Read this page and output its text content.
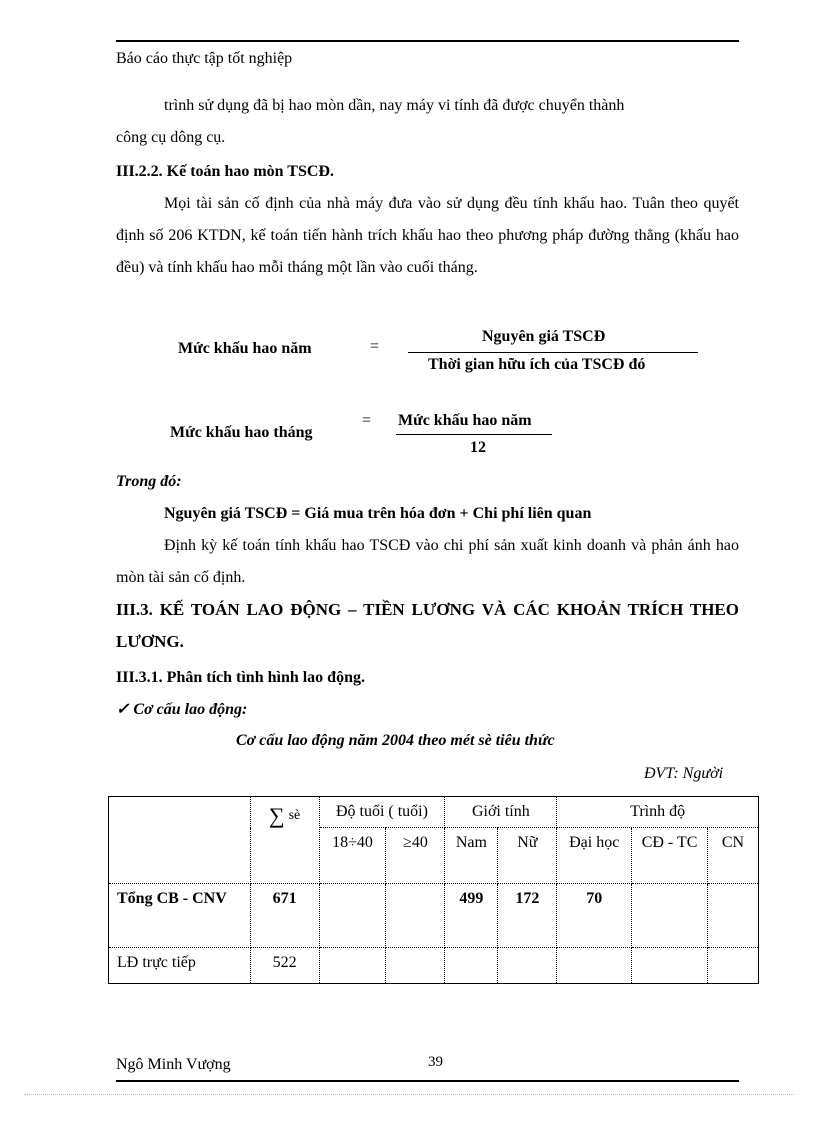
Báo cáo thực tập tốt nghiệp
trình sử dụng đã bị hao mòn dần, nay máy vi tính đã được chuyển thành
công cụ dông cụ.
III.2.2. Kế toán hao mòn TSCĐ.
Mọi tài sản cố định của nhà máy đưa vào sử dụng đều tính khấu hao. Tuân theo quyết định số 206 KTDN, kế toán tiến hành trích khấu hao theo phương pháp đường thẳng (khấu hao đều) và tính khấu hao mỗi tháng một lần vào cuối tháng.
Mức khấu hao năm	=
Nguyên giá TSCĐ
Thời gian hữu ích của TSCĐ đó
Mức khấu hao tháng
= Mức khấu hao năm
12
Trong đó:
Nguyên giá TSCĐ = Giá mua trên hóa đơn + Chi phí liên quan
Định kỳ kế toán tính khấu hao TSCĐ vào chi phí sản xuất kinh doanh và phản ánh hao mòn tài sản cố định.
III.3. KẾ TOÁN LAO ĐỘNG – TIỀN LƯƠNG VÀ CÁC KHOẢN TRÍCH THEO LƯƠNG.
III.3.1. Phân tích tình hình lao động.
✓ Cơ cấu lao động:
Cơ cấu lao động năm 2004 theo mét sè tiêu thức
ĐVT: Người
	∑ sè	Độ tuổi ( tuổi)		Giới tính		Trình độ		
		18÷40	≥40	Nam	Nữ	Đại học	CĐ - TC	CN
Tổng CB - CNV	671			499	172	70		
LĐ trực tiếp	522							
Ngô Minh Vượng	39
